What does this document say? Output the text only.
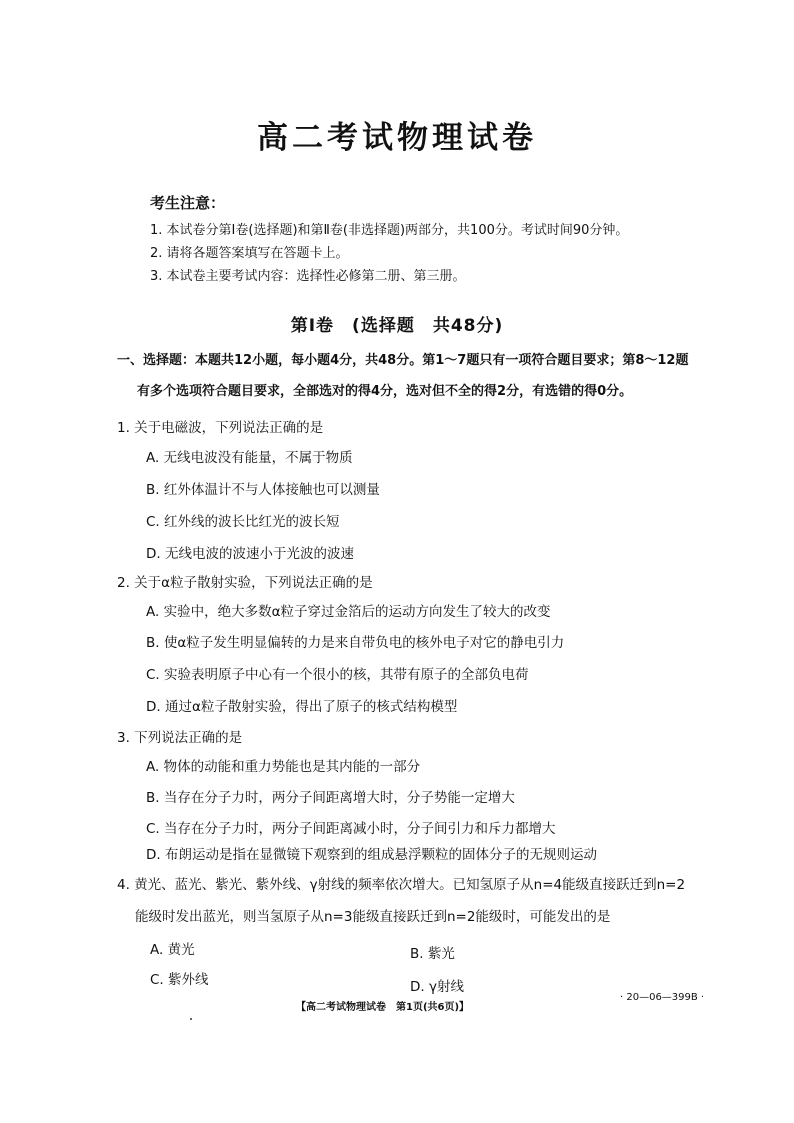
高二考试物理试卷
考生注意：
1. 本试卷分第Ⅰ卷(选择题)和第Ⅱ卷(非选择题)两部分，共100分。考试时间90分钟。
2. 请将各题答案填写在答题卡上。
3. 本试卷主要考试内容：选择性必修第二册、第三册。
第Ⅰ卷　(选择题　共48分)
一、选择题：本题共12小题，每小题4分，共48分。第1～7题只有一项符合题目要求；第8～12题
有多个选项符合题目要求，全部选对的得4分，选对但不全的得2分，有选错的得0分。
1. 关于电磁波，下列说法正确的是
A. 无线电波没有能量，不属于物质
B. 红外体温计不与人体接触也可以测量
C. 红外线的波长比红光的波长短
D. 无线电波的波速小于光波的波速
2. 关于α粒子散射实验，下列说法正确的是
A. 实验中，绝大多数α粒子穿过金箔后的运动方向发生了较大的改变
B. 使α粒子发生明显偏转的力是来自带负电的核外电子对它的静电引力
C. 实验表明原子中心有一个很小的核，其带有原子的全部负电荷
D. 通过α粒子散射实验，得出了原子的核式结构模型
3. 下列说法正确的是
A. 物体的动能和重力势能也是其内能的一部分
B. 当存在分子力时，两分子间距离增大时，分子势能一定增大
C. 当存在分子力时，两分子间距离减小时，分子间引力和斥力都增大
D. 布朗运动是指在显微镜下观察到的组成悬浮颗粒的固体分子的无规则运动
4. 黄光、蓝光、紫光、紫外线、γ射线的频率依次增大。已知氢原子从n=4能级直接跃迁到n=2
能级时发出蓝光，则当氢原子从n=3能级直接跃迁到n=2能级时，可能发出的是
A. 黄光	B. 紫光
C. 紫外线	D. γ射线
【高二考试物理试卷　第1页(共6页)】
· 20—06—399B ·
